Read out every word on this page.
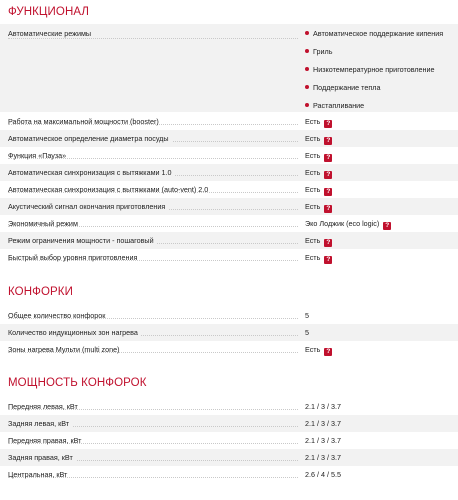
ФУНКЦИОНАЛ
Автоматические режимы	Автоматическое поддержание кипения
Гриль
Низкотемпературное приготовление
Поддержание тепла
Растапливание
Работа на максимальной мощности (booster)	Есть ?
Автоматическое определение диаметра посуды	Есть ?
Функция «Пауза»	Есть ?
Автоматическая синхронизация с вытяжками 1.0	Есть ?
Автоматическая синхронизация с вытяжками (auto-vent) 2.0	Есть ?
Акустический сигнал окончания приготовления	Есть ?
Экономичный режим	Эко Лоджик (eco logic) ?
Режим ограничения мощности - пошаговый	Есть ?
Быстрый выбор уровня приготовления	Есть ?
КОНФОРКИ
Общее количество конфорок	5
Количество индукционных зон нагрева	5
Зоны нагрева Мульти (multi zone)	Есть ?
МОЩНОСТЬ КОНФОРОК
Передняя левая, кВт	2.1 / 3 / 3.7
Задняя левая, кВт	2.1 / 3 / 3.7
Передняя правая, кВт	2.1 / 3 / 3.7
Задняя правая, кВт	2.1 / 3 / 3.7
Центральная, кВт	2.6 / 4 / 5.5
